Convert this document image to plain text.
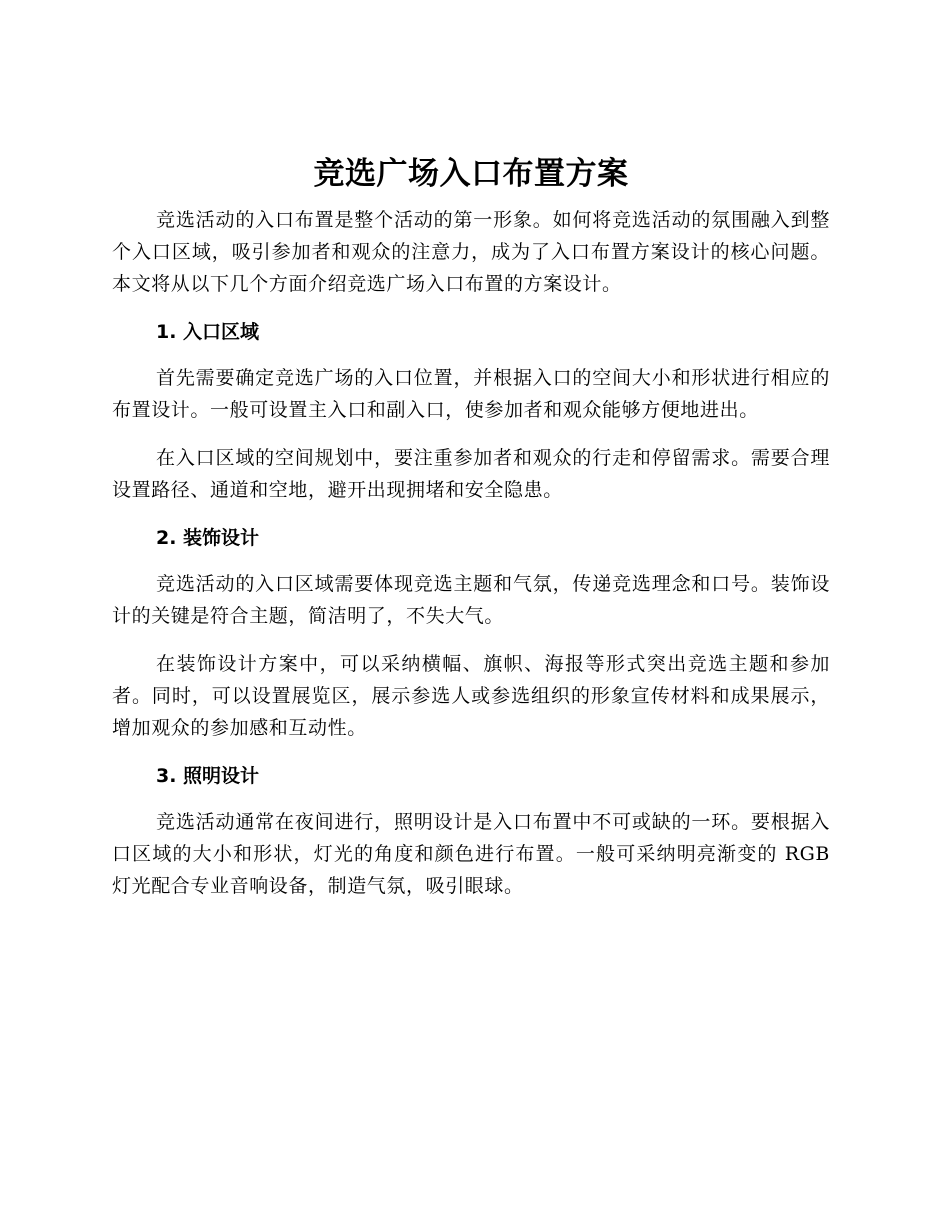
竞选广场入口布置方案

竞选活动的入口布置是整个活动的第一形象。如何将竞选活动的氛围融入到整个入口区域，吸引参加者和观众的注意力，成为了入口布置方案设计的核心问题。本文将从以下几个方面介绍竞选广场入口布置的方案设计。

1. 入口区域

首先需要确定竞选广场的入口位置，并根据入口的空间大小和形状进行相应的布置设计。一般可设置主入口和副入口，使参加者和观众能够方便地进出。

在入口区域的空间规划中，要注重参加者和观众的行走和停留需求。需要合理设置路径、通道和空地，避开出现拥堵和安全隐患。

2. 装饰设计

竞选活动的入口区域需要体现竞选主题和气氛，传递竞选理念和口号。装饰设计的关键是符合主题，简洁明了，不失大气。

在装饰设计方案中，可以采纳横幅、旗帜、海报等形式突出竞选主题和参加者。同时，可以设置展览区，展示参选人或参选组织的形象宣传材料和成果展示，增加观众的参加感和互动性。

3. 照明设计

竞选活动通常在夜间进行，照明设计是入口布置中不可或缺的一环。要根据入口区域的大小和形状，灯光的角度和颜色进行布置。一般可采纳明亮渐变的 RGB 灯光配合专业音响设备，制造气氛，吸引眼球。
